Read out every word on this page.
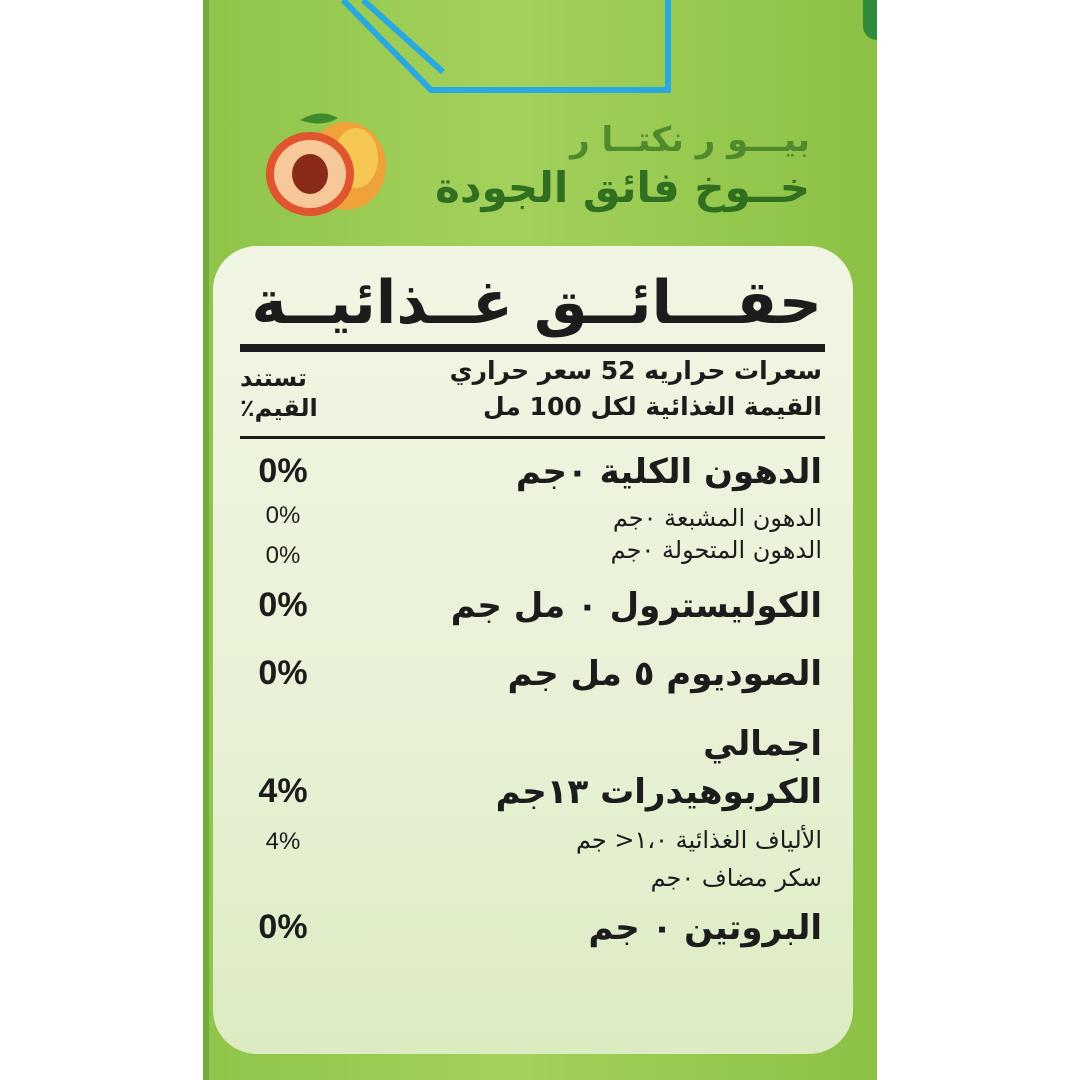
بيـــو ر نكتــا ر
خــوخ فائق الجودة
حقـــائــق غــذائيــة
سعرات حراريه 52 سعر حراري
القيمة الغذائية لكل 100 مل
تستند
القيم٪
الدهون الكلية ٠جم
0%
الدهون المشبعة ٠جم
0%
الدهون المتحولة ٠جم
0%
الكوليسترول ٠ مل جم
0%
الصوديوم ٥ مل جم
0%
اجمالي
الكربوهيدرات ١٣جم
4%
الألياف الغذائية ١،٠< جم
4%
سكر مضاف ٠جم
البروتين ٠ جم
0%
